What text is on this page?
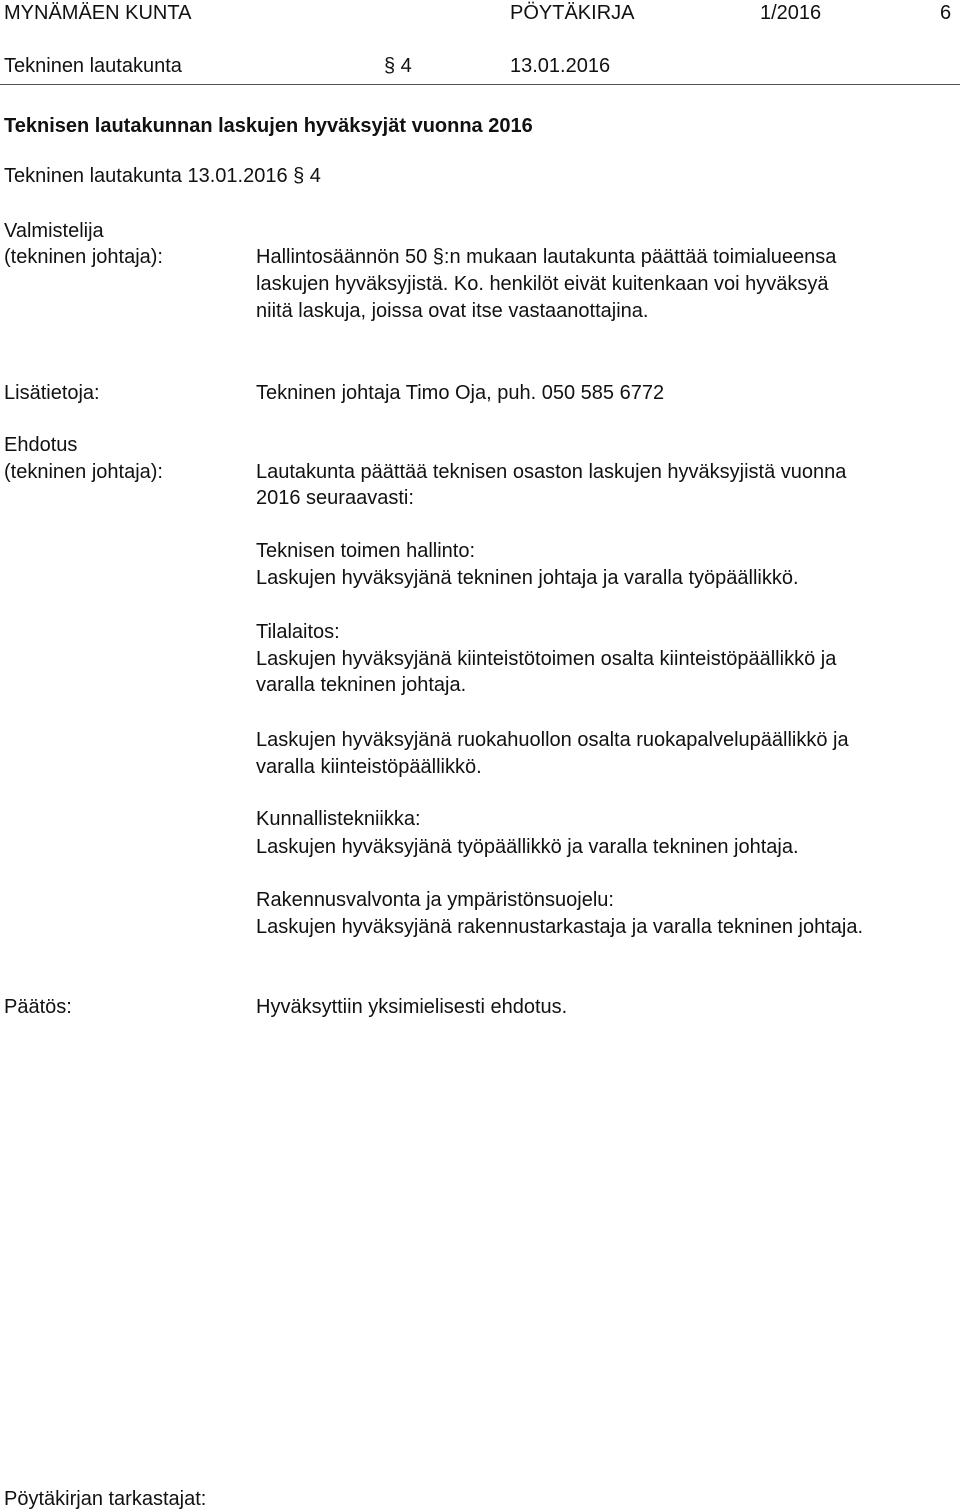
MYNÄMÄEN KUNTA	PÖYTÄKIRJA	1/2016	6
Tekninen lautakunta	§ 4	13.01.2016
Teknisen lautakunnan laskujen hyväksyjät vuonna 2016
Tekninen lautakunta 13.01.2016 § 4
Valmistelija
(tekninen johtaja):	Hallintosäännön 50 §:n mukaan lautakunta päättää toimialueensa
laskujen hyväksyjistä. Ko. henkilöt eivät kuitenkaan voi hyväksyä
niitä laskuja, joissa ovat itse vastaanottajina.
Lisätietoja:	Tekninen johtaja Timo Oja, puh. 050 585 6772
Ehdotus
(tekninen johtaja):	Lautakunta päättää teknisen osaston laskujen hyväksyjistä vuonna
2016 seuraavasti:
Teknisen toimen hallinto:
Laskujen hyväksyjänä tekninen johtaja ja varalla työpäällikkö.
Tilalaitos:
Laskujen hyväksyjänä kiinteistötoimen osalta kiinteistöpäällikkö ja
varalla tekninen johtaja.
Laskujen hyväksyjänä ruokahuollon osalta ruokapalvelupäällikkö ja
varalla kiinteistöpäällikkö.
Kunnallistekniikka:
Laskujen hyväksyjänä työpäällikkö ja varalla tekninen johtaja.
Rakennusvalvonta ja ympäristönsuojelu:
Laskujen hyväksyjänä rakennustarkastaja ja varalla tekninen johtaja.
Päätös:	Hyväksyttiin yksimielisesti ehdotus.
Pöytäkirjan tarkastajat:
